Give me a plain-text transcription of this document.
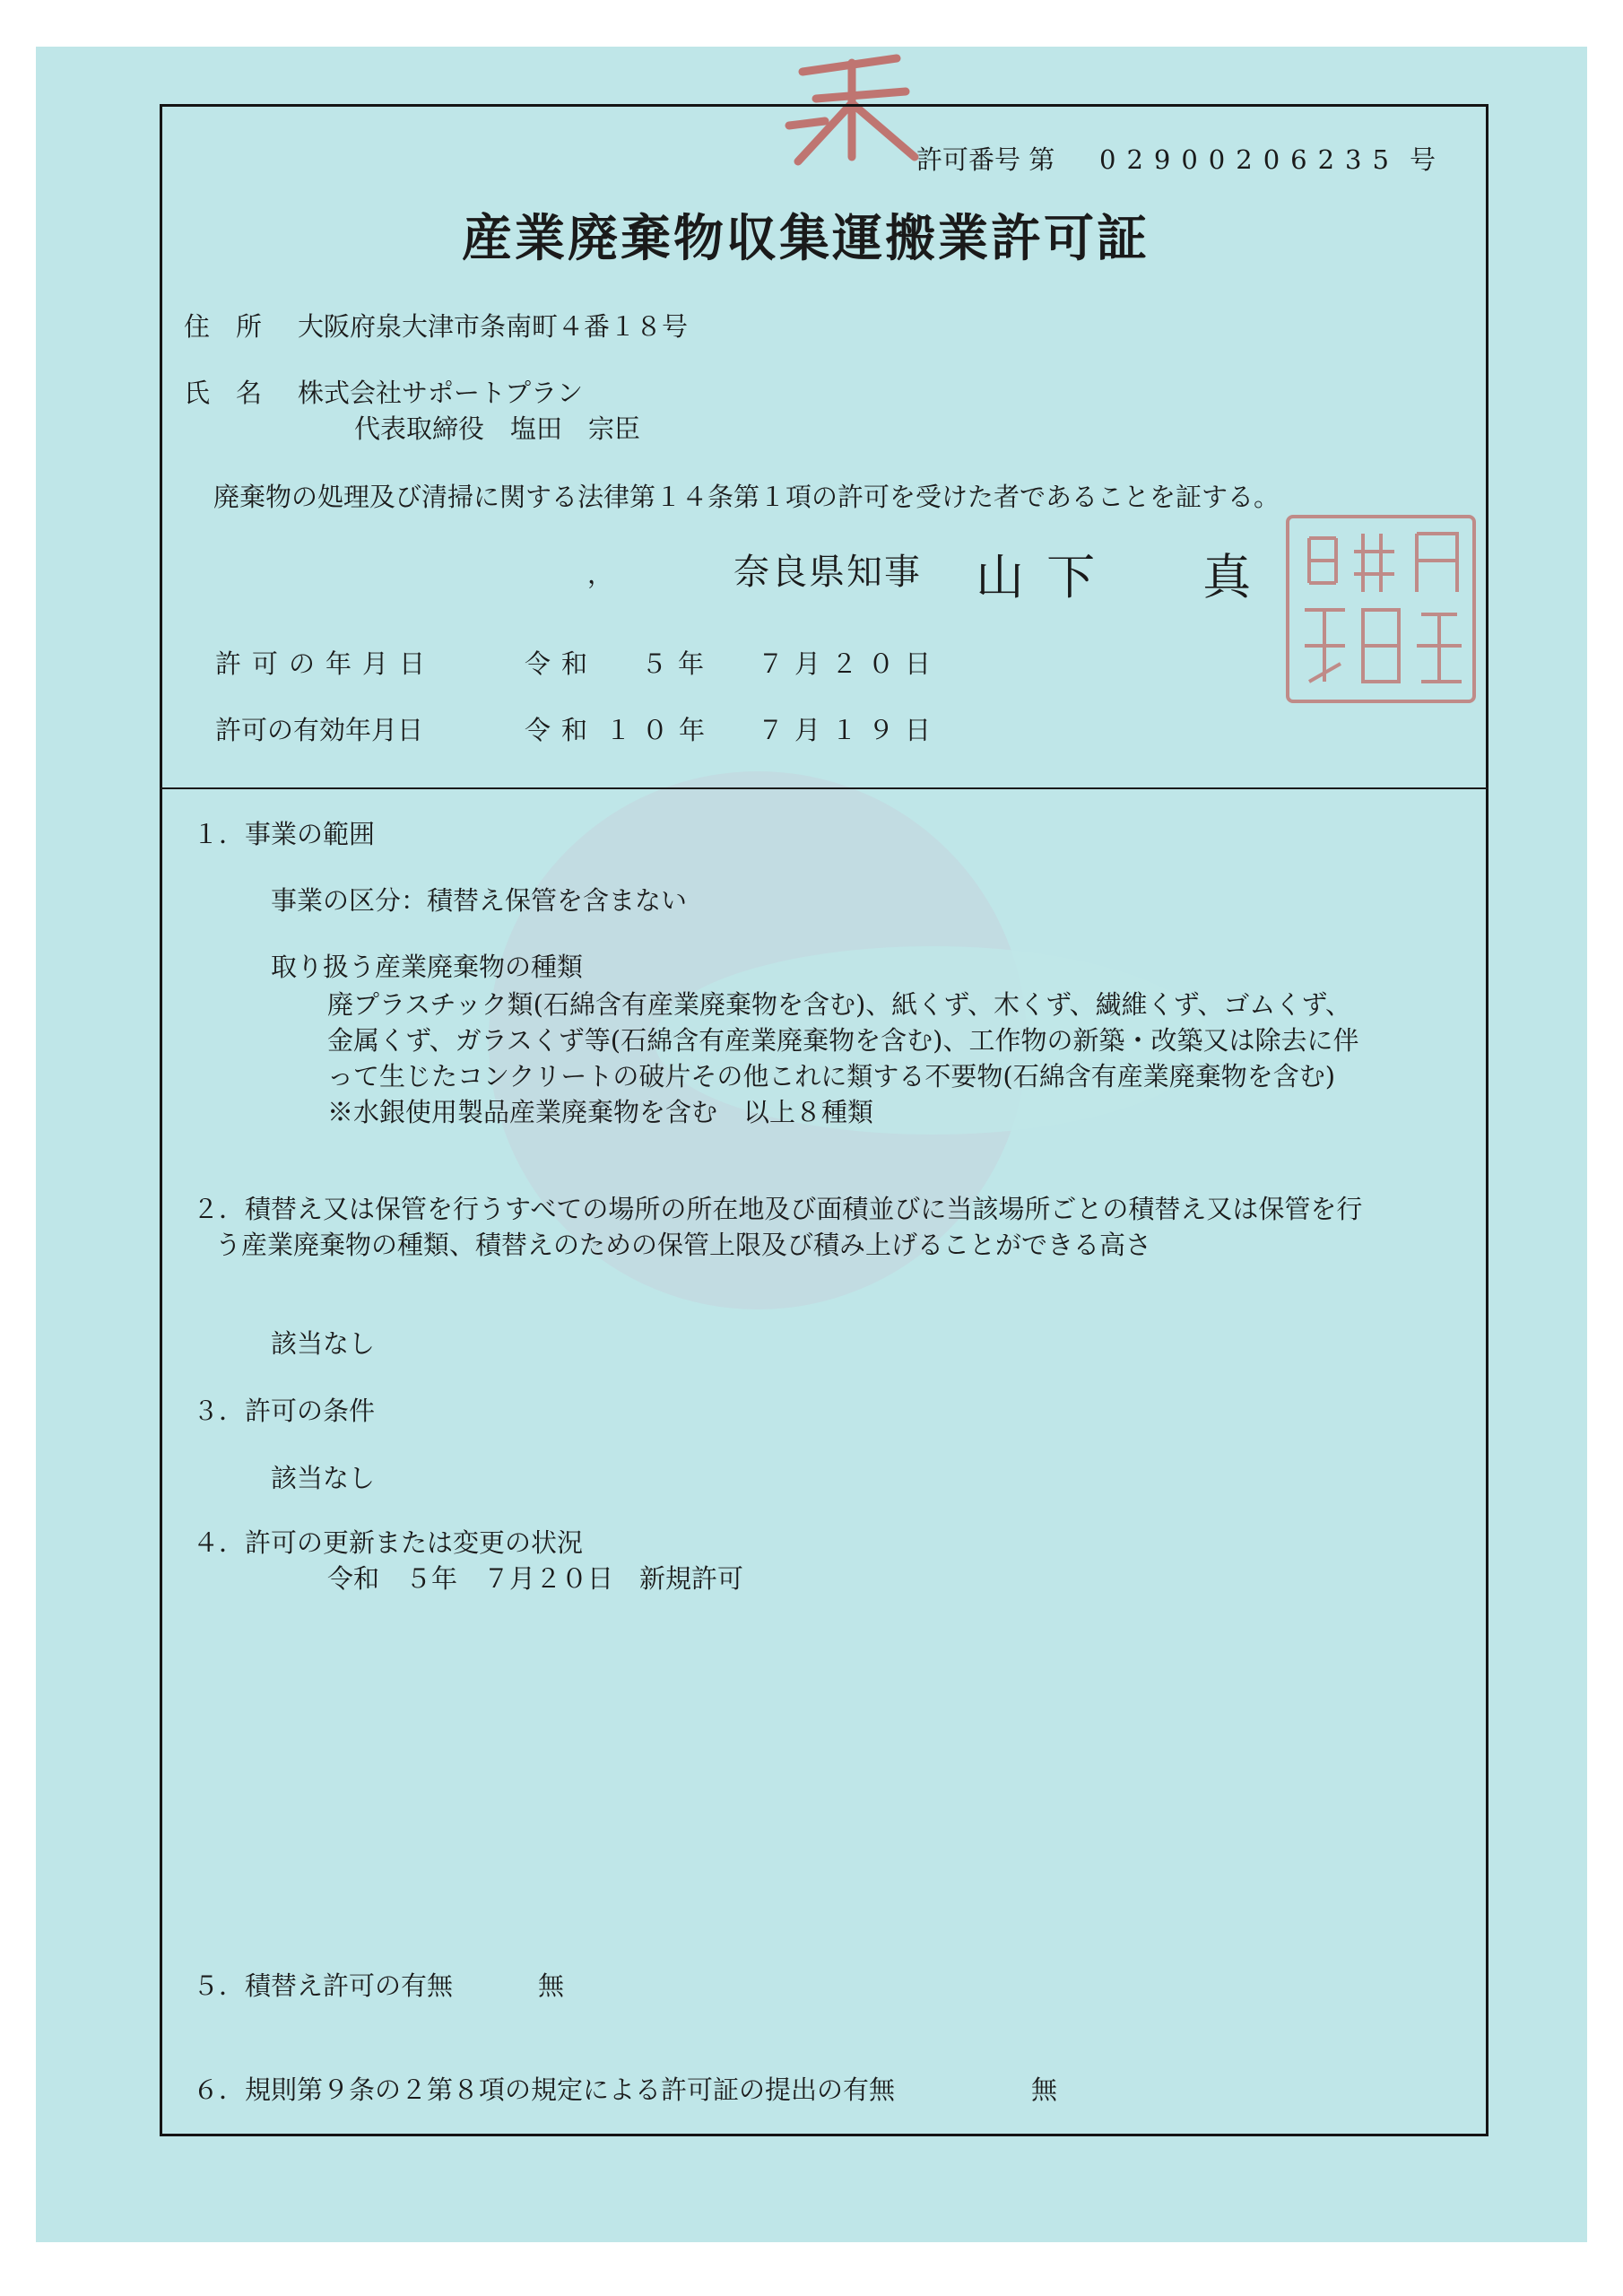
許可番号 第 02900206235 号
産業廃棄物収集運搬業許可証
住　所 大阪府泉大津市条南町４番１８号
氏　名 株式会社サポートプラン
代表取締役　塩田　宗臣
廃棄物の処理及び清掃に関する法律第１４条第１項の許可を受けた者であることを証する。
，	奈良県知事 山 下　　真
許可の年月日	令和 ５年 ７月２０日
許可の有効年月日	令和 １０年 ７月１９日
１．事業の範囲
事業の区分：積替え保管を含まない
取り扱う産業廃棄物の種類
廃プラスチック類(石綿含有産業廃棄物を含む)、紙くず、木くず、繊維くず、ゴムくず、
金属くず、ガラスくず等(石綿含有産業廃棄物を含む)、工作物の新築・改築又は除去に伴
って生じたコンクリートの破片その他これに類する不要物(石綿含有産業廃棄物を含む)
※水銀使用製品産業廃棄物を含む　以上８種類
２．積替え又は保管を行うすべての場所の所在地及び面積並びに当該場所ごとの積替え又は保管を行
う産業廃棄物の種類、積替えのための保管上限及び積み上げることができる高さ
該当なし
３．許可の条件
該当なし
４．許可の更新または変更の状況
令和　５年　７月２０日　新規許可
５．積替え許可の有無	無
６．規則第９条の２第８項の規定による許可証の提出の有無	無
